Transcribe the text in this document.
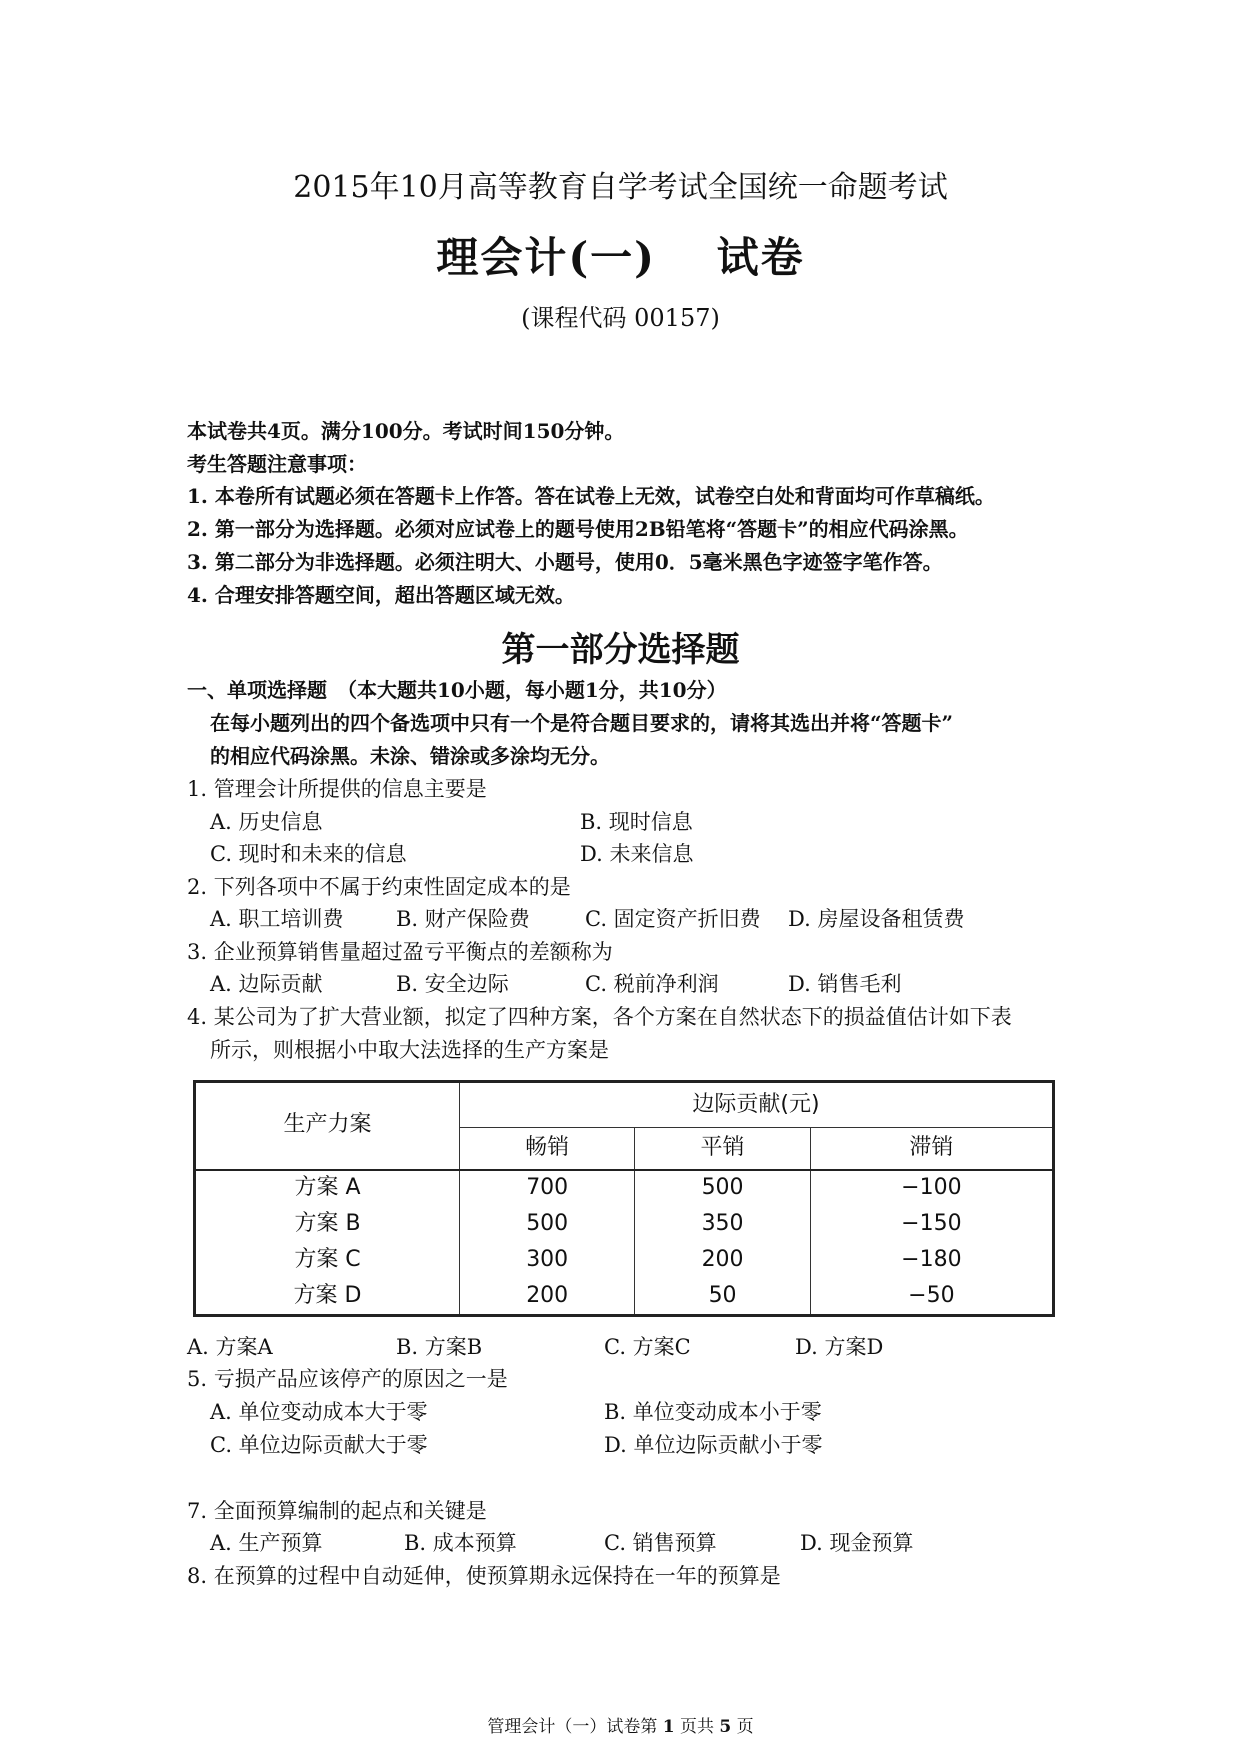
2015年10月高等教育自学考试全国统一命题考试
理会计(一)　 试卷
(课程代码 00157)
本试卷共4页。满分100分。考试时间150分钟。
考生答题注意事项：
1. 本卷所有试题必须在答题卡上作答。答在试卷上无效，试卷空白处和背面均可作草稿纸。
2. 第一部分为选择题。必须对应试卷上的题号使用2B铅笔将“答题卡”的相应代码涂黑。
3. 第二部分为非选择题。必须注明大、小题号，使用0．5毫米黑色字迹签字笔作答。
4. 合理安排答题空间，超出答题区域无效。
第一部分选择题
一、单项选择题　（本大题共10小题，每小题1分，共10分）
在每小题列出的四个备选项中只有一个是符合题目要求的，请将其选出并将“答题卡”
的相应代码涂黑。未涂、错涂或多涂均无分。
1. 管理会计所提供的信息主要是
A. 历史信息	B. 现时信息
C. 现时和未来的信息	D. 未来信息
2. 下列各项中不属于约束性固定成本的是
A. 职工培训费 B. 财产保险费	C. 固定资产折旧费 D. 房屋设备租赁费
3. 企业预算销售量超过盈亏平衡点的差额称为
A. 边际贡献	B. 安全边际	C. 税前净利润	D. 销售毛利
4. 某公司为了扩大营业额，拟定了四种方案，各个方案在自然状态下的损益值估计如下表
所示，则根据小中取大法选择的生产方案是
生产力案	边际贡献(元)		
	畅销	平销	滞销
方案 A	700	500	−100
方案 B	500	350	−150
方案 C	300	200	−180
方案 D	200	50	−50
A. 方案A	B. 方案B	C. 方案C	D. 方案D
5. 亏损产品应该停产的原因之一是
A. 单位变动成本大于零	B. 单位变动成本小于零
C. 单位边际贡献大于零	D. 单位边际贡献小于零
7. 全面预算编制的起点和关键是
A. 生产预算	B. 成本预算	C. 销售预算	D. 现金预算
8. 在预算的过程中自动延伸，使预算期永远保持在一年的预算是
管理会计（一）试卷第 1 页共 5 页
